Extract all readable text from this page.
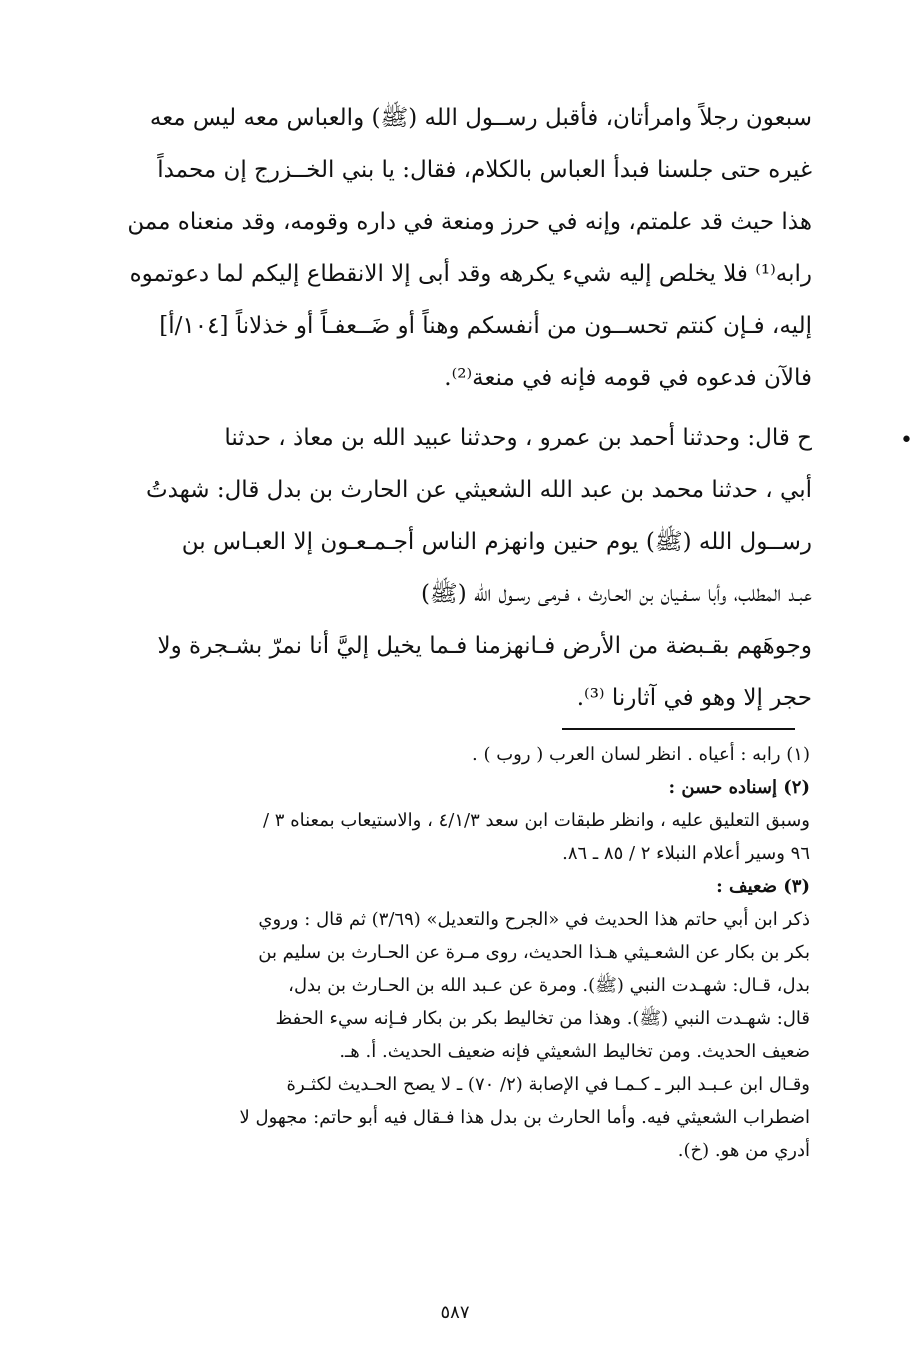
سبعون رجلاً وامرأتان، فأقبل رســول الله (ﷺ) والعباس معه ليس معه
غيره حتى جلسنا فبدأ العباس بالكلام، فقال: يا بني الخــزرج إن محمداً
هذا حيث قد علمتم، وإنه في حرز ومنعة في داره وقومه، وقد منعناه ممن
رابه⁽¹⁾ فلا يخلص إليه شيء يكرهه وقد أبى إلا الانقطاع إليكم لما دعوتموه
إليه، فـإن كنتم تحســون من أنفسكم وهناً أو ضَــعفـاً أو خذلاناً [١٠٤/أ]
فالآن فدعوه في قومه فإنه في منعة⁽²⁾.

ح قال: وحدثنا أحمد بن عمرو ، وحدثنا عبيد الله بن معاذ ، حدثنا
أبي ، حدثنا محمد بن عبد الله الشعيثي عن الحارث بن بدل قال: شهدتُ
رســول الله (ﷺ) يوم حنين وانهزم الناس أجـمـعـون إلا العبـاس بن
عبـد المطلب، وأبا سـفـيان بن الحـارث ، فـرمى رسـول الله (ﷺ)
وجوهَهم بقـبضة من الأرض فـانهزمنا فـما يخيل إليَّ أنا نمرّ بشـجرة ولا
حجر إلا وهو في آثارنا ⁽³⁾.

•
(١) رابه : أعياه . انظر لسان العرب ( روب ) .
(٢) إسناده حسن :
وسبق التعليق عليه ، وانظر طبقات ابن سعد ٤/١/٣ ، والاستيعاب بمعناه ٣ /
٩٦ وسير أعلام النبلاء ٢ / ٨٥ ـ ٨٦.
(٣) ضعيف :
ذكر ابن أبي حاتم هذا الحديث في «الجرح والتعديل» (٣/٦٩) ثم قال : وروي
بكر بن بكار عن الشعـيثي هـذا الحديث، روى مـرة عن الحـارث بن سليم بن
بدل، قـال: شهـدت النبي (ﷺ). ومرة عن عـبد الله بن الحـارث بن بدل،
قال: شهـدت النبي (ﷺ). وهذا من تخاليط بكر بن بكار فـإنه سيء الحفظ
ضعيف الحديث. ومن تخاليط الشعيثي فإنه ضعيف الحديث. أ. هـ.
وقـال ابن عـبـد البر ـ كـمـا في الإصابة (٢/ ٧٠) ـ لا يصح الحـديث لكثـرة
اضطراب الشعيثي فيه. وأما الحارث بن بدل هذا فـقال فيه أبو حاتم: مجهول لا
أدري من هو. (خ).
٥٨٧
